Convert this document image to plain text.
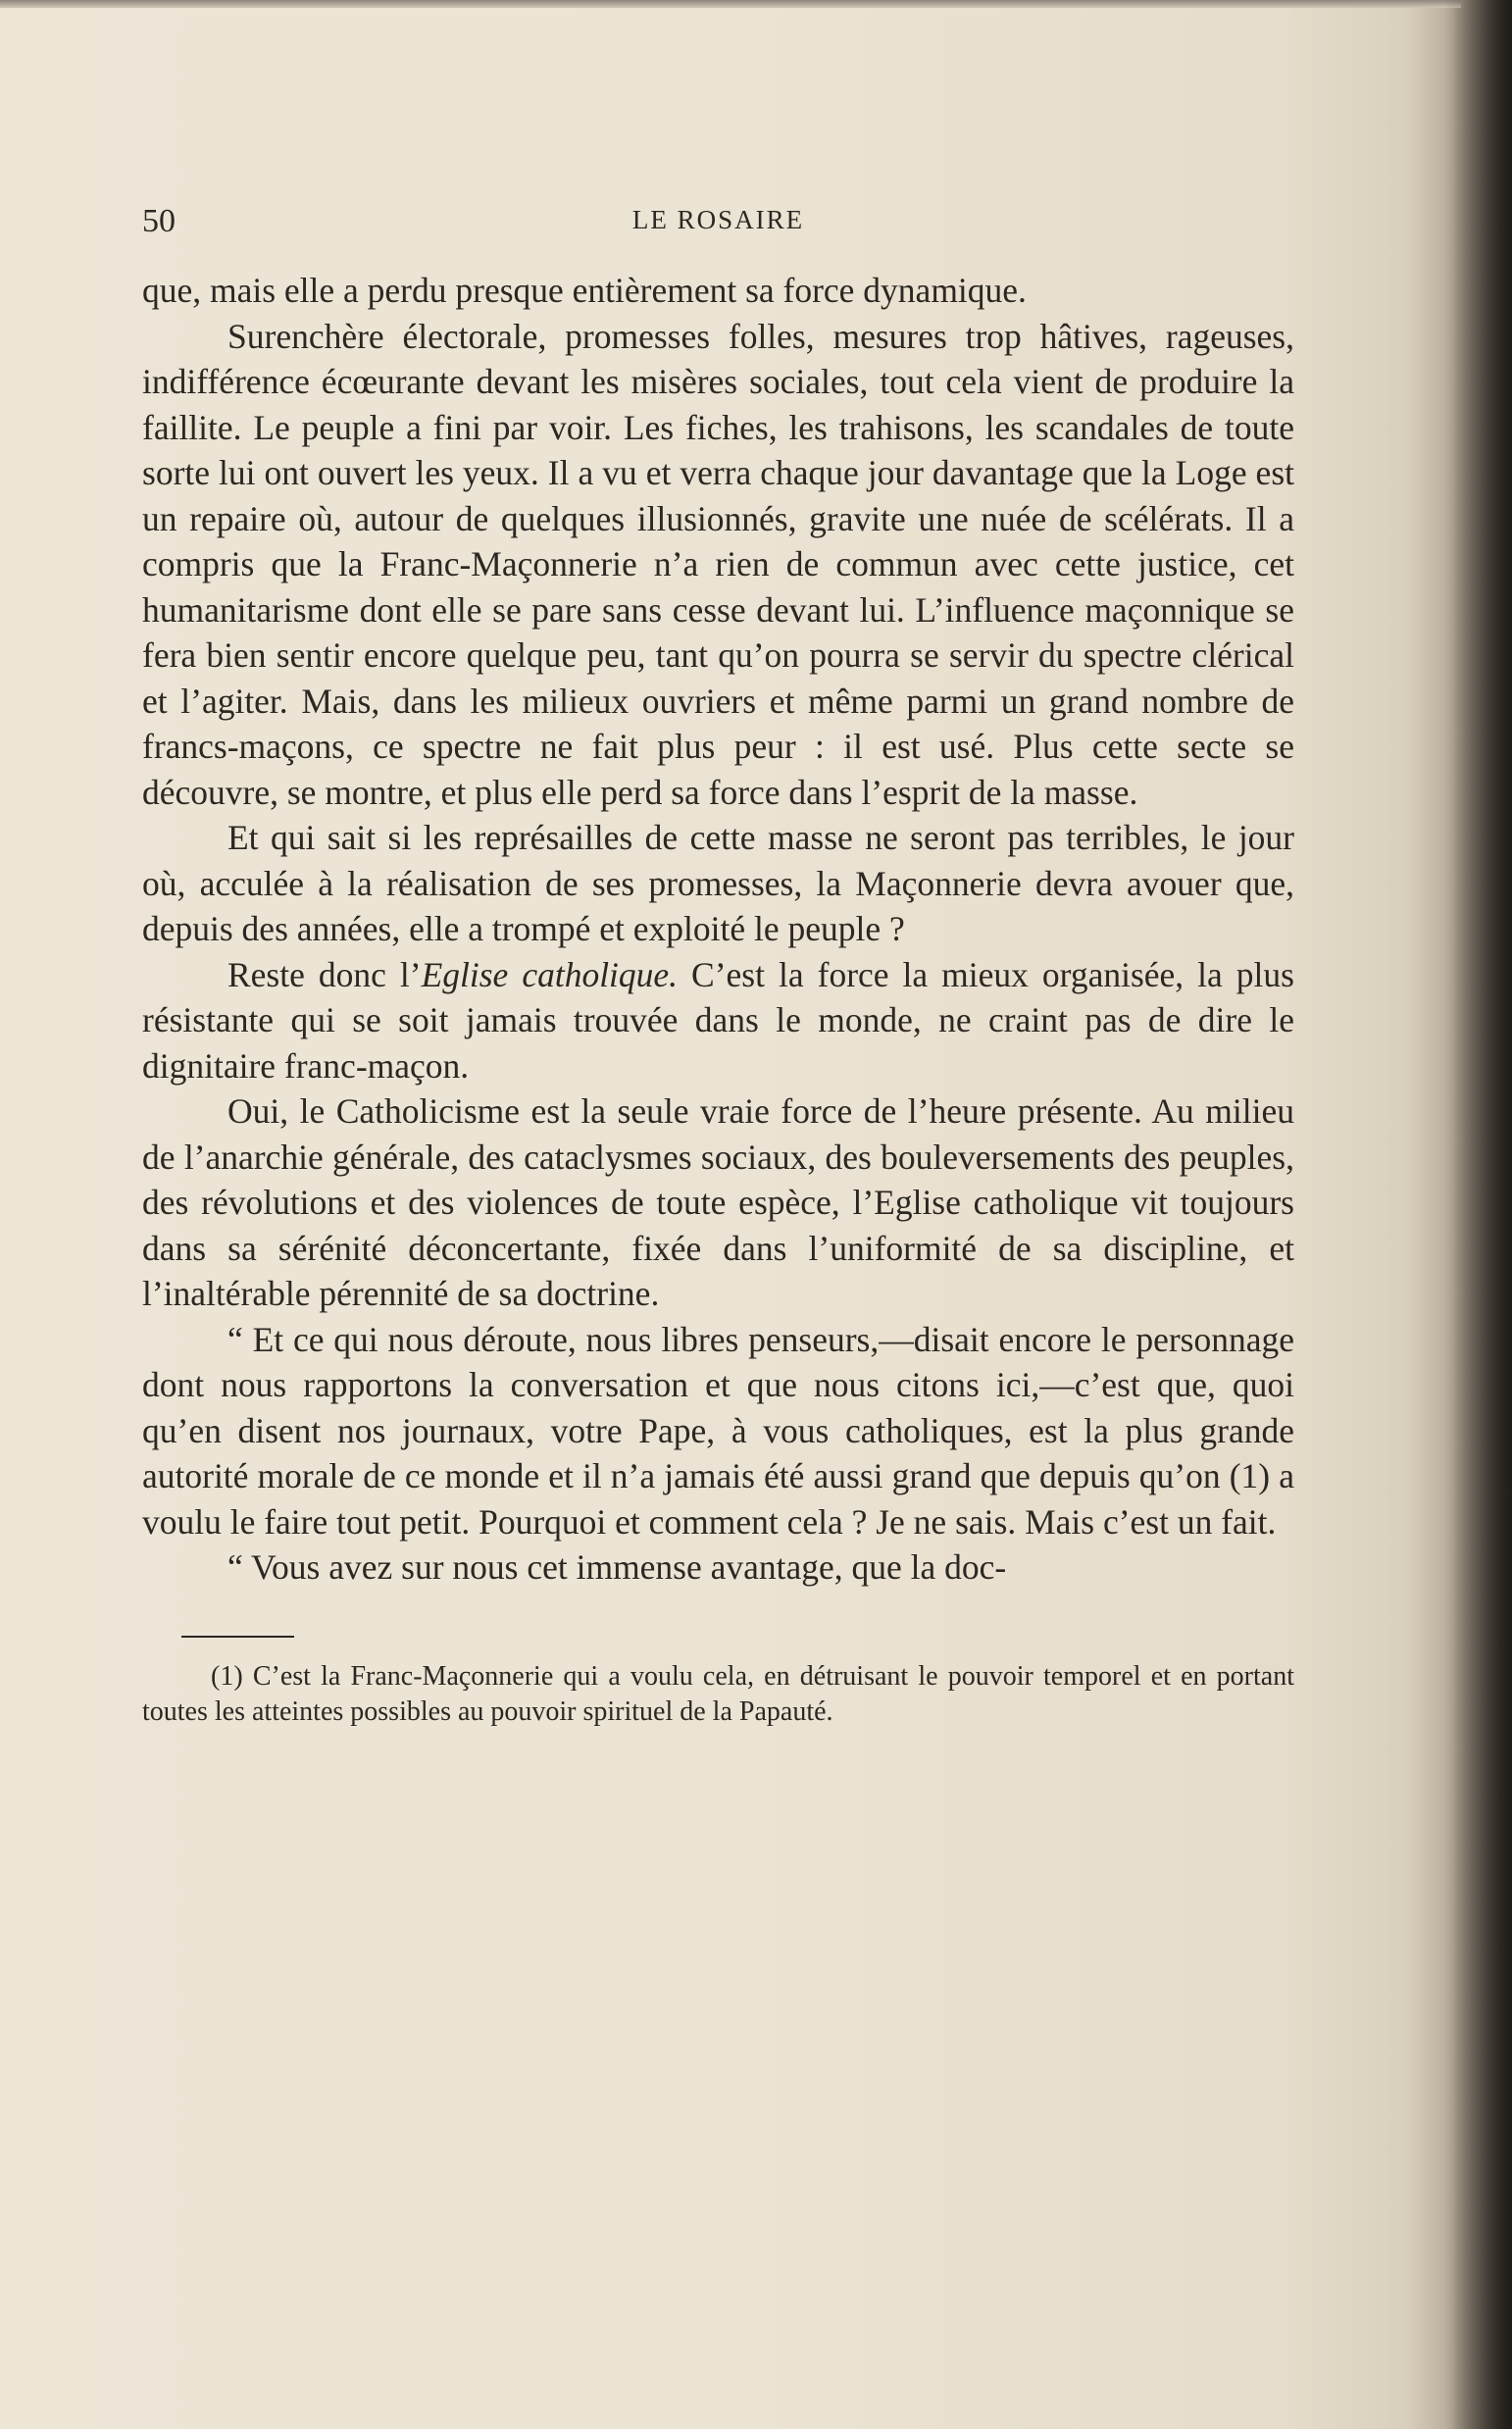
50	LE ROSAIRE

que, mais elle a perdu presque entièrement sa force dynamique.

Surenchère électorale, promesses folles, mesures trop hâtives, rageuses, indifférence écœurante devant les misères sociales, tout cela vient de produire la faillite. Le peuple a fini par voir. Les fiches, les trahisons, les scandales de toute sorte lui ont ouvert les yeux. Il a vu et verra chaque jour davantage que la Loge est un repaire où, autour de quelques illusionnés, gravite une nuée de scélérats. Il a compris que la Franc-Maçonnerie n’a rien de commun avec cette justice, cet humanitarisme dont elle se pare sans cesse devant lui. L’influence maçonnique se fera bien sentir encore quelque peu, tant qu’on pourra se servir du spectre clérical et l’agiter. Mais, dans les milieux ouvriers et même parmi un grand nombre de francs-maçons, ce spectre ne fait plus peur : il est usé. Plus cette secte se découvre, se montre, et plus elle perd sa force dans l’esprit de la masse.

Et qui sait si les représailles de cette masse ne seront pas terribles, le jour où, acculée à la réalisation de ses promesses, la Maçonnerie devra avouer que, depuis des années, elle a trompé et exploité le peuple ?

Reste donc l’Eglise catholique. C’est la force la mieux organisée, la plus résistante qui se soit jamais trouvée dans le monde, ne craint pas de dire le dignitaire franc-maçon.

Oui, le Catholicisme est la seule vraie force de l’heure présente. Au milieu de l’anarchie générale, des cataclysmes sociaux, des bouleversements des peuples, des révolutions et des violences de toute espèce, l’Eglise catholique vit toujours dans sa sérénité déconcertante, fixée dans l’uniformité de sa discipline, et l’inaltérable pérennité de sa doctrine.

“ Et ce qui nous déroute, nous libres penseurs,—disait encore le personnage dont nous rapportons la conversation et que nous citons ici,—c’est que, quoi qu’en disent nos journaux, votre Pape, à vous catholiques, est la plus grande autorité morale de ce monde et il n’a jamais été aussi grand que depuis qu’on (1) a voulu le faire tout petit. Pourquoi et comment cela ? Je ne sais. Mais c’est un fait.

“ Vous avez sur nous cet immense avantage, que la doc-

(1) C’est la Franc-Maçonnerie qui a voulu cela, en détruisant le pouvoir temporel et en portant toutes les atteintes possibles au pouvoir spirituel de la Papauté.
